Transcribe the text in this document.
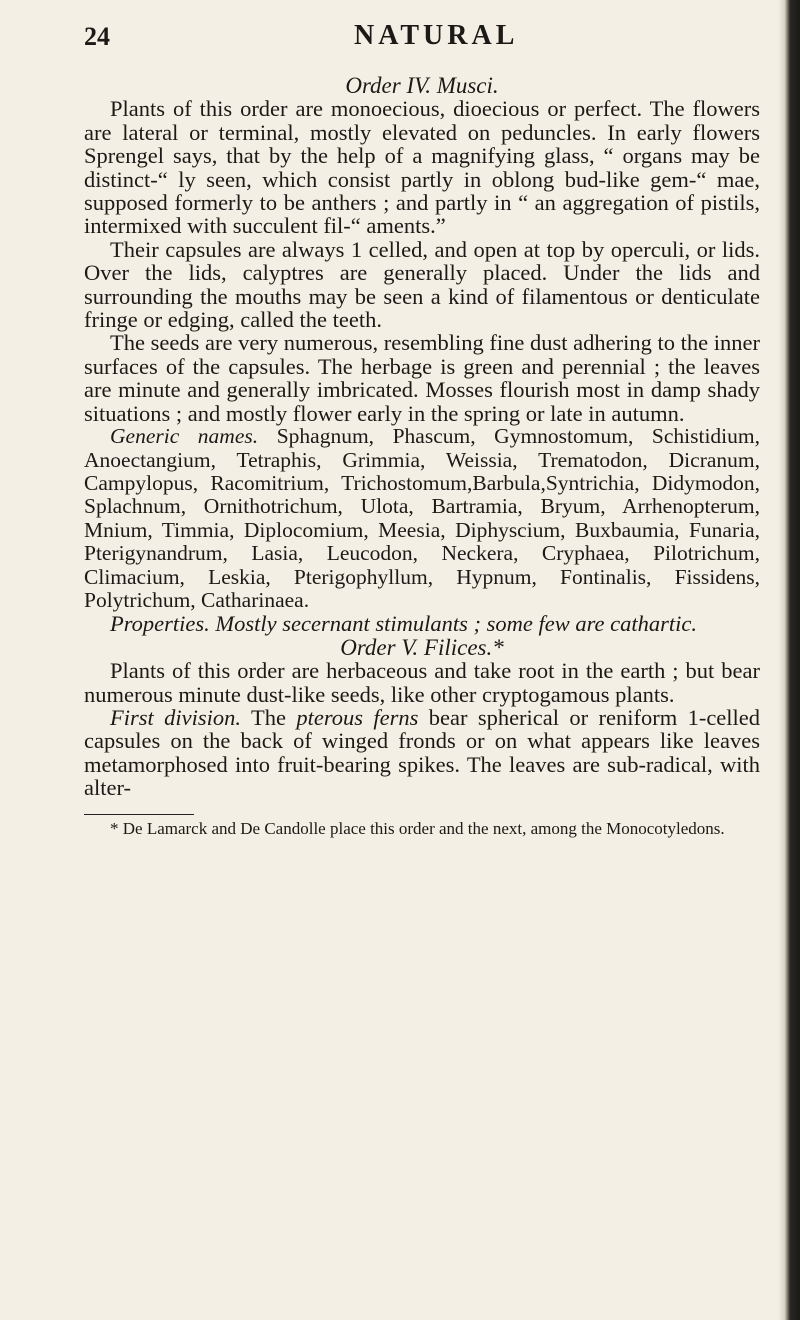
24	NATURAL

Order IV. Musci.

Plants of this order are monoecious, dioecious or perfect. The flowers are lateral or terminal, mostly elevated on peduncles. In early flowers Sprengel says, that by the help of a magnifying glass, “ organs may be distinct-“ ly seen, which consist partly in oblong bud-like gem-“ mae, supposed formerly to be anthers ; and partly in “ an aggregation of pistils, intermixed with succulent fil-“ aments.”

Their capsules are always 1 celled, and open at top by operculi, or lids. Over the lids, calyptres are generally placed. Under the lids and surrounding the mouths may be seen a kind of filamentous or denticulate fringe or edging, called the teeth.

The seeds are very numerous, resembling fine dust adhering to the inner surfaces of the capsules. The herbage is green and perennial ; the leaves are minute and generally imbricated. Mosses flourish most in damp shady situations ; and mostly flower early in the spring or late in autumn.

Generic names. Sphagnum, Phascum, Gymnostomum, Schistidium, Anoectangium, Tetraphis, Grimmia, Weissia, Trematodon, Dicranum, Campylopus, Racomitrium, Trichostomum,Barbula,Syntrichia, Didymodon, Splachnum, Ornithotrichum, Ulota, Bartramia, Bryum, Arrhenopterum, Mnium, Timmia, Diplocomium, Meesia, Diphyscium, Buxbaumia, Funaria, Pterigynandrum, Lasia, Leucodon, Neckera, Cryphaea, Pilotrichum, Climacium, Leskia, Pterigophyllum, Hypnum, Fontinalis, Fissidens, Polytrichum, Catharinaea.

Properties. Mostly secernant stimulants ; some few are cathartic.

Order V. Filices.*

Plants of this order are herbaceous and take root in the earth ; but bear numerous minute dust-like seeds, like other cryptogamous plants.

First division. The pterous ferns bear spherical or reniform 1-celled capsules on the back of winged fronds or on what appears like leaves metamorphosed into fruit-bearing spikes. The leaves are sub-radical, with alter-

* De Lamarck and De Candolle place this order and the next, among the Monocotyledons.
